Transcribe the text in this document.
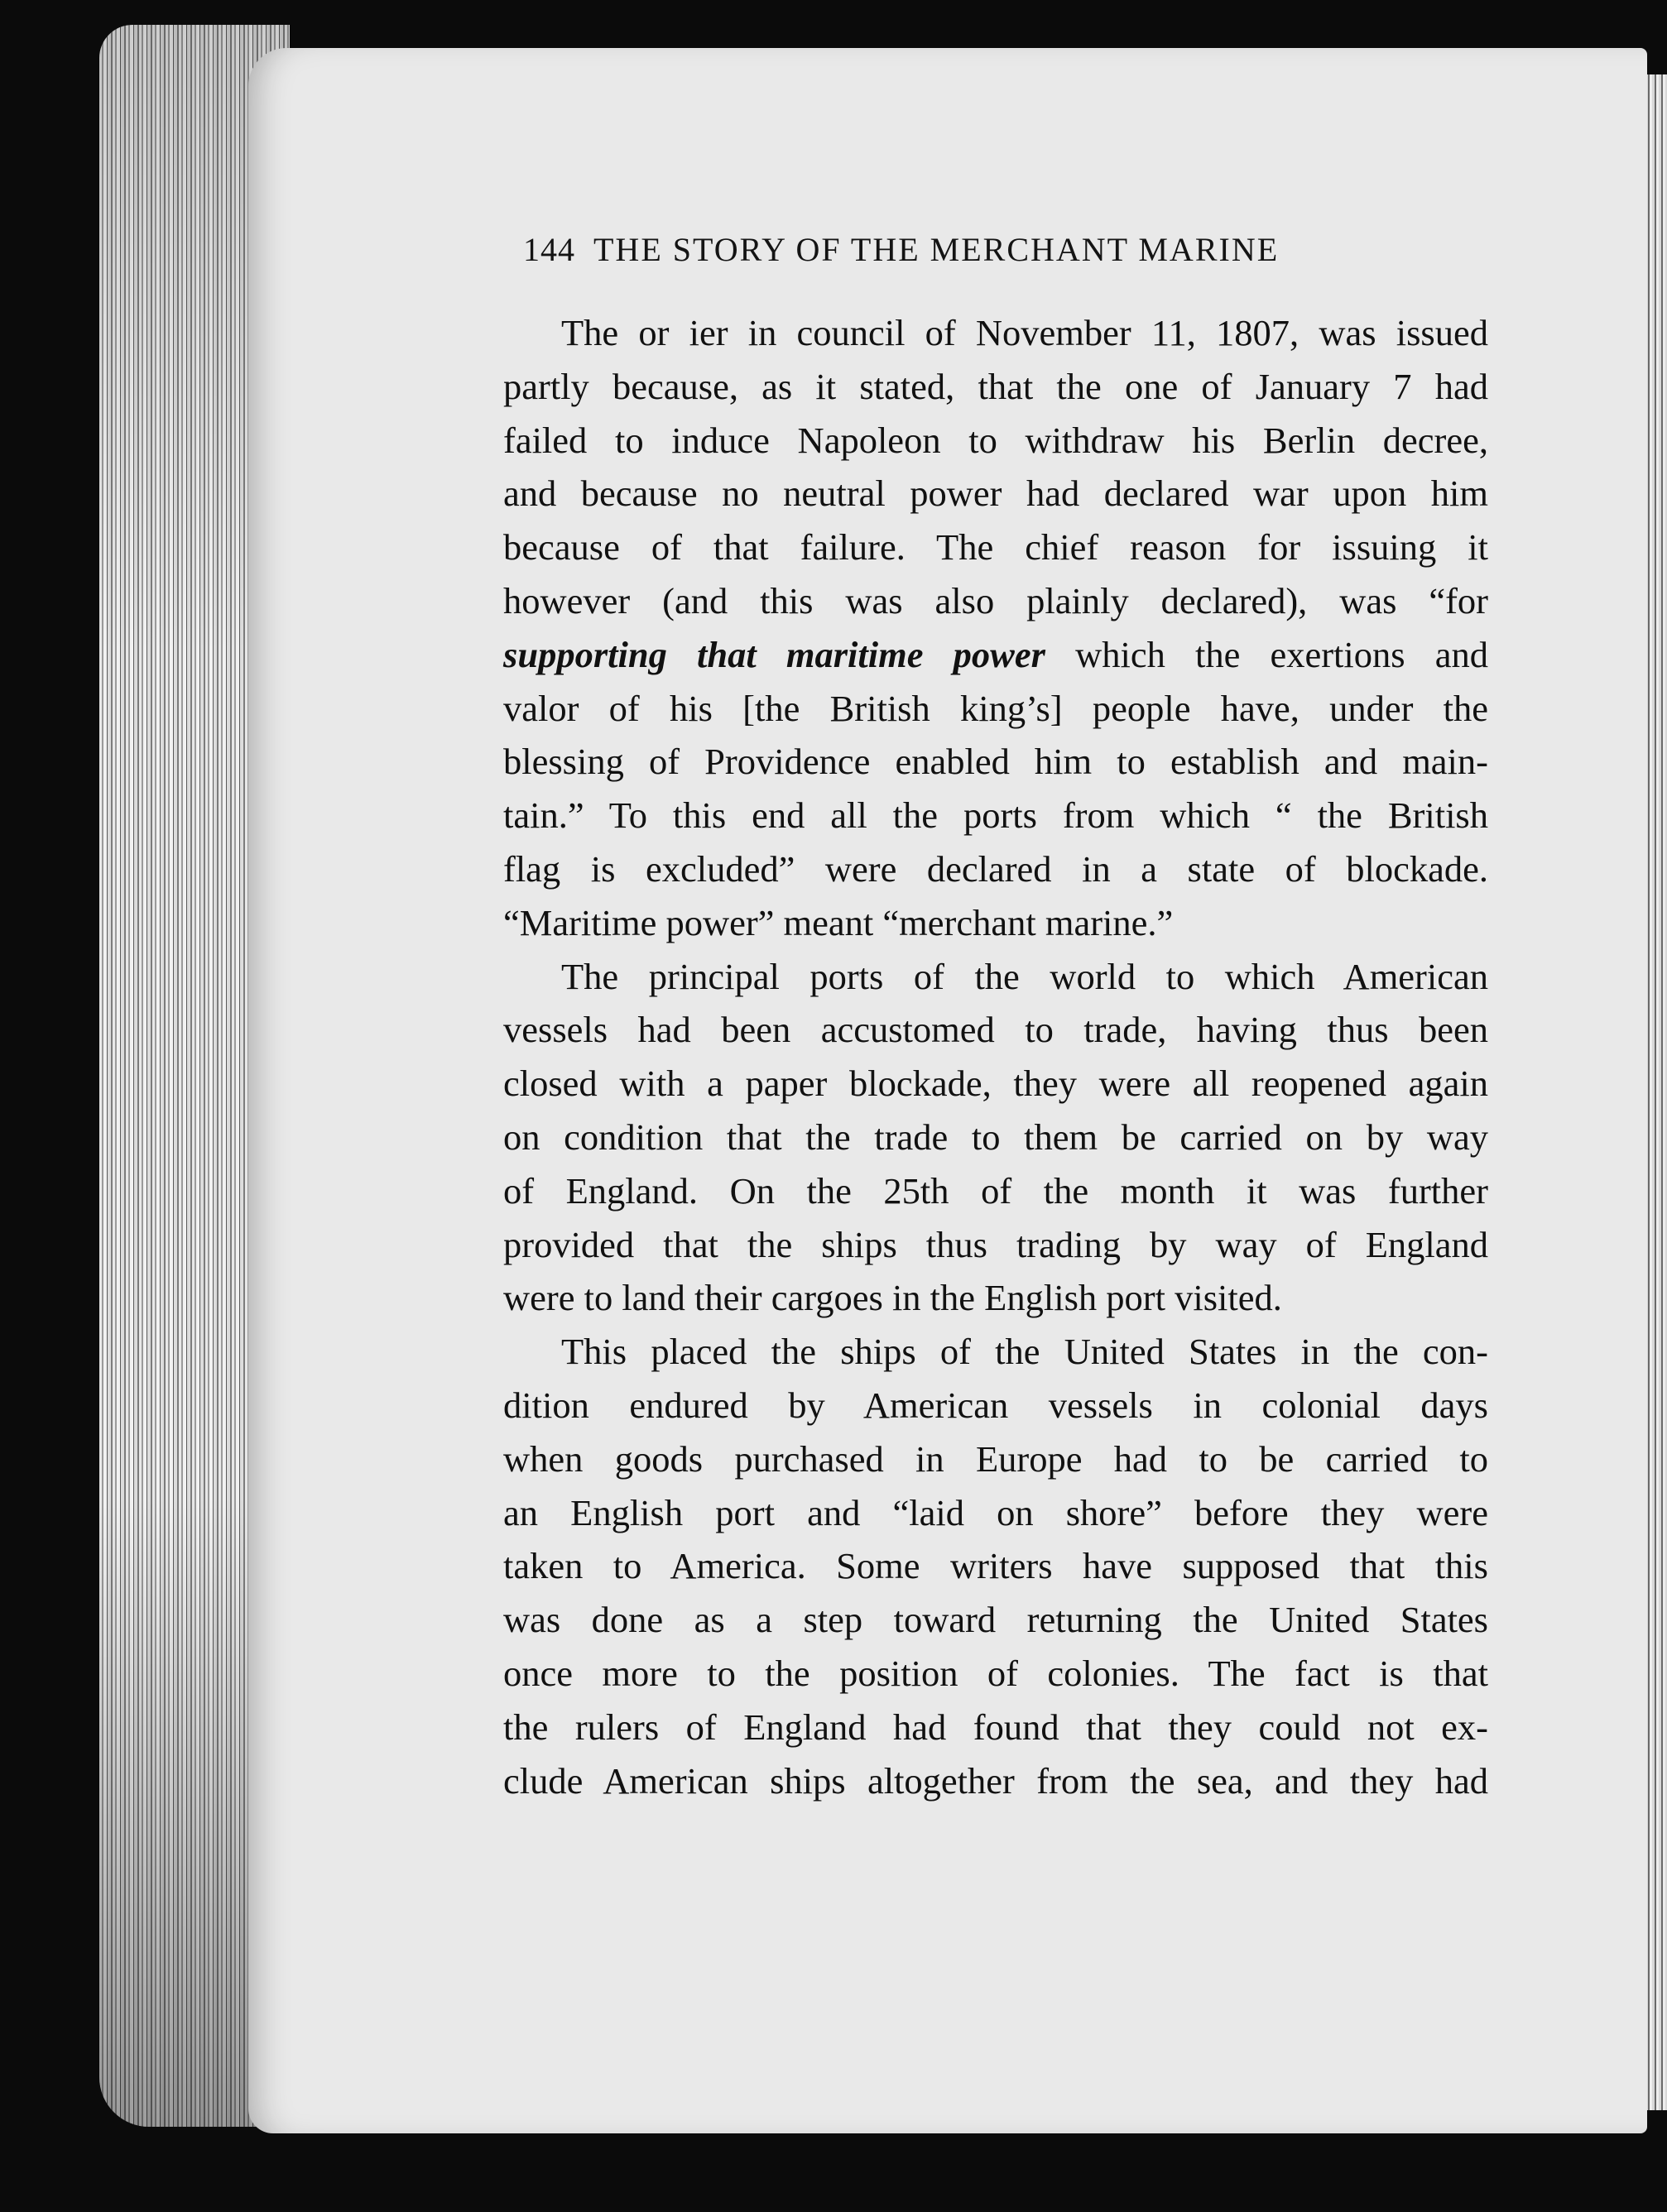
144 THE STORY OF THE MERCHANT MARINE
The or ier in council of November 11, 1807, was issued
partly because, as it stated, that the one of January 7 had
failed to induce Napoleon to withdraw his Berlin decree,
and because no neutral power had declared war upon him
because of that failure. The chief reason for issuing it
however (and this was also plainly declared), was “for
supporting that maritime power which the exertions and
valor of his [the British king’s] people have, under the
blessing of Providence enabled him to establish and main-
tain.” To this end all the ports from which “ the British
flag is excluded” were declared in a state of blockade.
“Maritime power” meant “merchant marine.”
The principal ports of the world to which American
vessels had been accustomed to trade, having thus been
closed with a paper blockade, they were all reopened again
on condition that the trade to them be carried on by way
of England. On the 25th of the month it was further
provided that the ships thus trading by way of England
were to land their cargoes in the English port visited.
This placed the ships of the United States in the con-
dition endured by American vessels in colonial days
when goods purchased in Europe had to be carried to
an English port and “laid on shore” before they were
taken to America. Some writers have supposed that this
was done as a step toward returning the United States
once more to the position of colonies. The fact is that
the rulers of England had found that they could not ex-
clude American ships altogether from the sea, and they had
